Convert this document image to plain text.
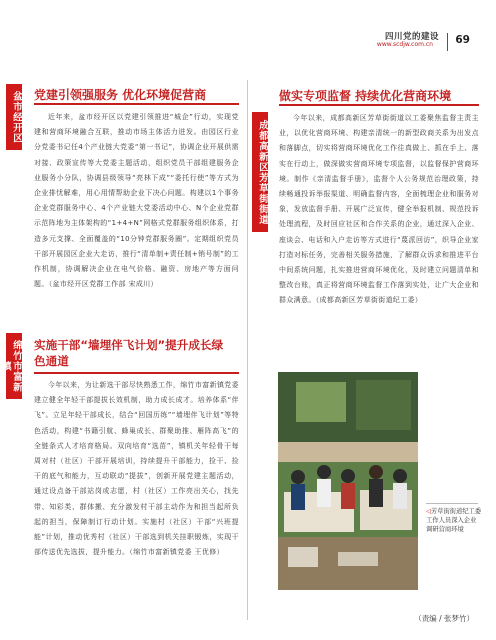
四川党的建设
www.scdjw.com.cn 69
盆市经开区 党建引领强服务 优化环境促营商
近年来，盆市经开区以党建引领推进“城企”行动，实现党建和营商环境融合互联，推动市场主体活力迸发。由园区行业分党委书记任4个产业链大党委“第一书记”，协调企业开展供需对接、政策宣传等大党委主题活动，组织党员干部组建服务企业服务小分队，协调县级领导“亮林下成”“委托行使”等方式为企业排忧解难，用心用情帮助企业下决心问题。构建以1个事务企业党群服务中心、4个产业链大党委活动中心、N个企业党群示范阵地为主体架构的“1+4+N”网格式党群服务组织体系，打造多元支撑、全面覆盖的“10分钟党群服务圈”。定期组织党员干部开展园区企业大走访，推行“清单制+责任制+销号制”的工作机制，协调解决企业在电气价格、融资、房地产等方面问题。（盆市经开区党群工作部 宋成川）
绵竹市富新镇
实施干部“墙埋伴飞计划”提升成长绿色通道
今年以来，为让新选干部尽快熟悉工作，绵竹市富新镇党委建立健全年轻干部提拔长效机制，助力成长成才。培养体系“伴飞”。立足年轻干部成长，结合“回国历练”“墙埋伴飞计划”等特色活动，构建“书籍引航、蜂巢成长、群聚助推、雁阵高飞”的全链条式人才培育格局。双向培育“选苗”，镇机关年轻骨干每周对村（社区）干部开展培训，持续提升干部能力，捡干、捡干的底气和能力，互动联动“提拔”，创新开展党建主题活动，通过设点备干部站岗或志愿，村（社区）工作亮出关心，找先带、知彩类、群体搬、充分激发村干部主动作为和担当起所负起的担当，保障制订行动计划。实施村（社区）干部“兴班提能”计划，推动优秀村（社区）干部选到机关挂职锻炼，实现干部传送优先选拔，提升能力。（绵竹市富新镇党委 王优修）
成都高新区芳草街街道
做实专项监督 持续优化营商环境
今年以来，成都高新区芳草街街道以工委聚焦监督主责主业，以优化营商环境、构建亲清统一的新型政商关系为出发点和落脚点，切实将营商环境优化工作往真做上、抓在手上、落实在行动上，做深做实营商环境专项监督，以监督保护营商环境。制作《亲清监督手册》，监督个人公务规范治理政策，持续畅通投诉举报渠道、明确监督内容，全面梳理企业和服务对象，发放监督手册、开展广泛宣传，健全举报机制、规范投诉处理流程，及时回应社区和合作关系的企业，通过深入企业、座谈会、电话和入户走访等方式进行“蔑派回访”，织导企业家打造对标任务，完善相关服务措施，了解群众诉求和推进平台中间系统问题，扎实推进营商环境优化，及时建立问题清单和整改台账，真正将营商环境监督工作落到实处，让广大企业和群众满意。（成都高新区芳草街街道纪工委）
◁芳草街街道纪工委工作人员深入企业调研营商环境
（责编 / 张梦竹）
